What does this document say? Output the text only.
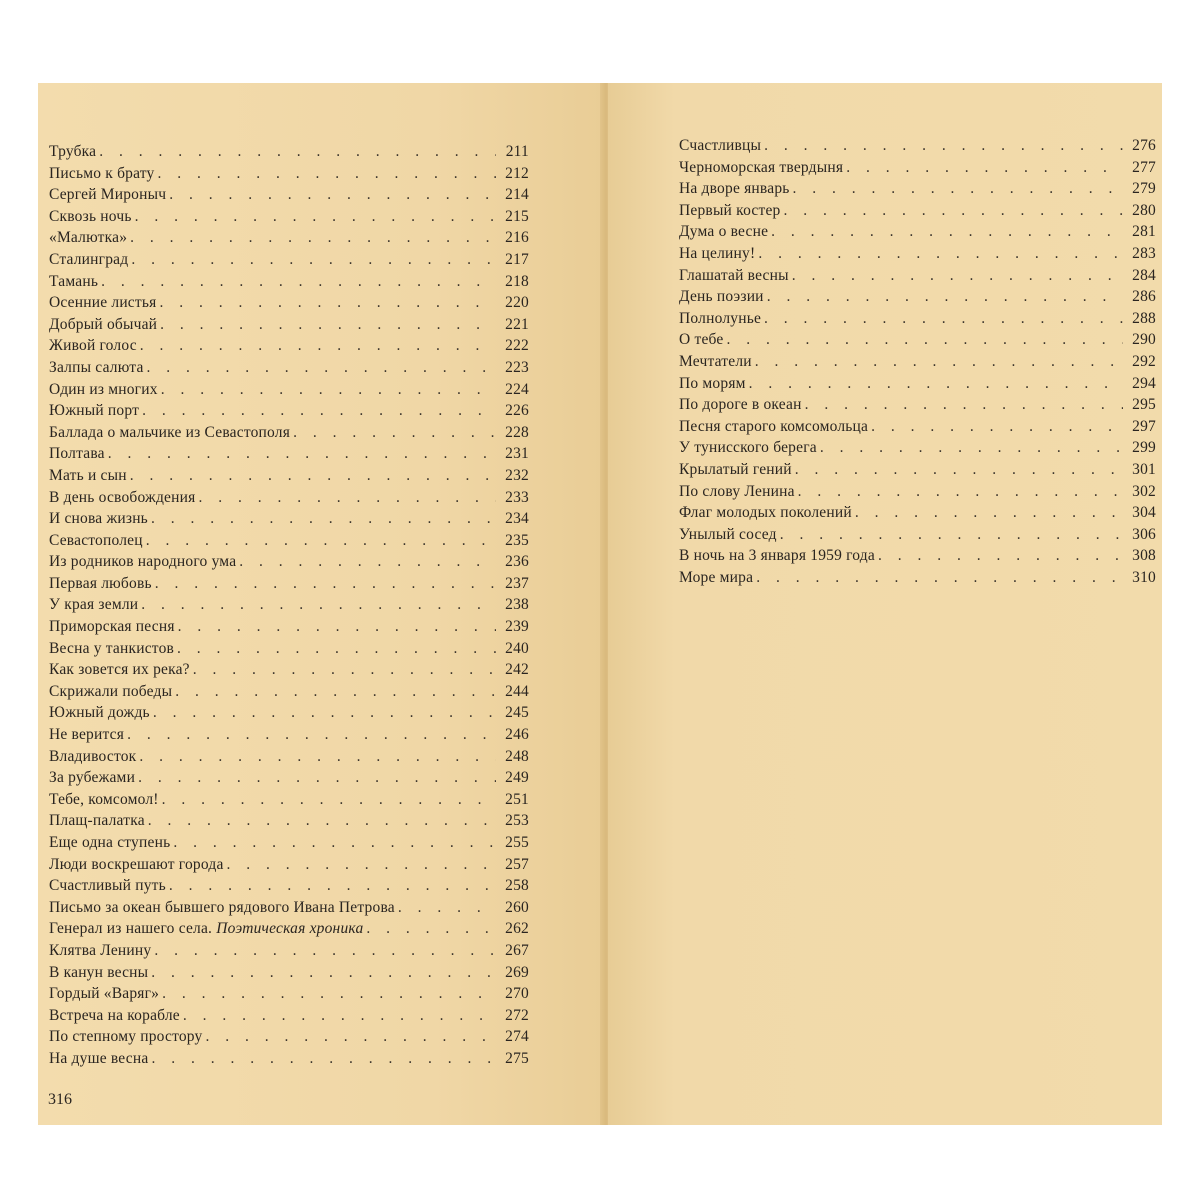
Трубка . . .	211
Письмо к брату . . .	212
Сергей Мироныч . . .	214
Сквозь ночь . . .	215
«Малютка» . . .	216
Сталинград . . .	217
Тамань . . .	218
Осенние листья . . .	220
Добрый обычай . . .	221
Живой голос . . .	222
Залпы салюта . . .	223
Один из многих . . .	224
Южный порт . . .	226
Баллада о мальчике из Севастополя . . .	228
Полтава . . .	231
Мать и сын . . .	232
В день освобождения . . .	233
И снова жизнь . . .	234
Севастополец . . .	235
Из родников народного ума . . .	236
Первая любовь . . .	237
У края земли . . .	238
Приморская песня . . .	239
Весна у танкистов . . .	240
Как зовется их река? . . .	242
Скрижали победы . . .	244
Южный дождь . . .	245
Не верится . . .	246
Владивосток . . .	248
За рубежами . . .	249
Тебе, комсомол! . . .	251
Плащ-палатка . . .	253
Еще одна ступень . . .	255
Люди воскрешают города . . .	257
Счастливый путь . . .	258
Письмо за океан бывшего рядового Ивана Петрова . . .	260
Генерал из нашего села. Поэтическая хроника . . .	262
Клятва Ленину . . .	267
В канун весны . . .	269
Гордый «Варяг» . . .	270
Встреча на корабле . . .	272
По степному простору . . .	274
На душе весна . . .	275
316
Счастливцы . . .	276
Черноморская твердыня . . .	277
На дворе январь . . .	279
Первый костер . . .	280
Дума о весне . . .	281
На целину! . . .	283
Глашатай весны . . .	284
День поэзии . . .	286
Полнолунье . . .	288
О тебе . . .	290
Мечтатели . . .	292
По морям . . .	294
По дороге в океан . . .	295
Песня старого комсомольца . . .	297
У тунисского берега . . .	299
Крылатый гений . . .	301
По слову Ленина . . .	302
Флаг молодых поколений . . .	304
Унылый сосед . . .	306
В ночь на 3 января 1959 года . . .	308
Море мира . . .	310
